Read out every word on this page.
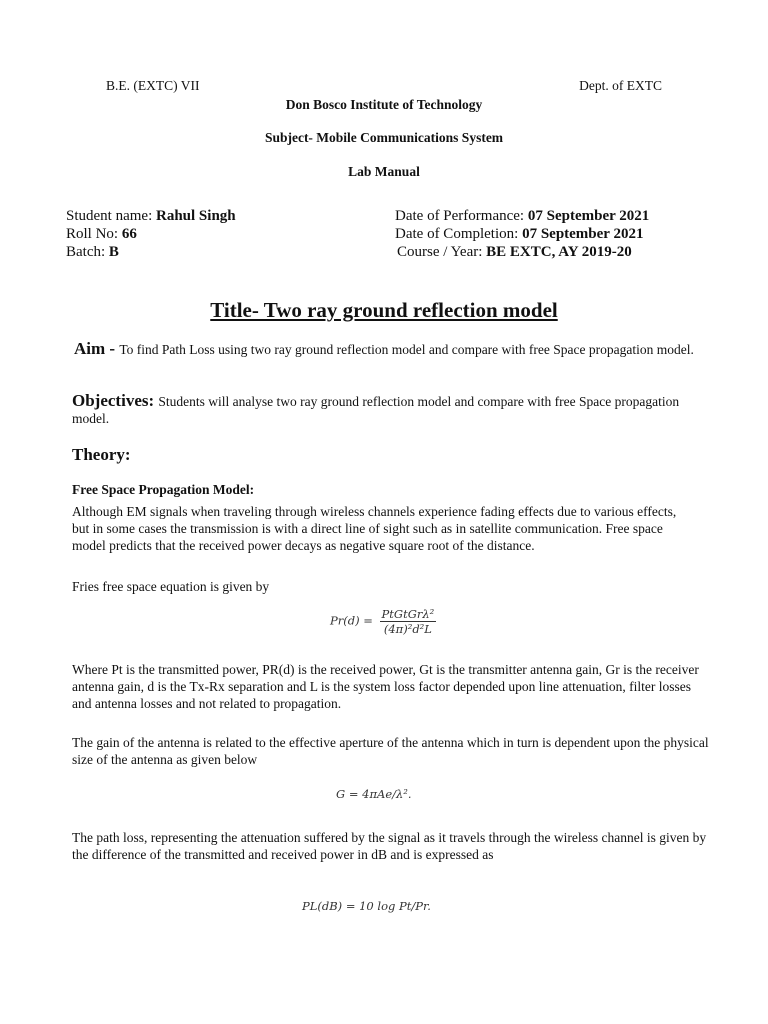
B.E. (EXTC) VII	Dept. of EXTC
Don Bosco Institute of Technology
Subject- Mobile Communications System
Lab Manual
Student name: Rahul Singh
Roll No: 66
Batch: B
Date of Performance: 07 September 2021
Date of Completion: 07 September 2021
Course / Year: BE EXTC, AY 2019-20
Title- Two ray ground reflection model
Aim - To find Path Loss using two ray ground reflection model and compare with free Space propagation model.
Objectives: Students will analyse two ray ground reflection model and compare with free Space propagation model.
Theory:
Free Space Propagation Model:
Although EM signals when traveling through wireless channels experience fading effects due to various effects, but in some cases the transmission is with a direct line of sight such as in satellite communication. Free space model predicts that the received power decays as negative square root of the distance.
Fries free space equation is given by
$Pr(d) = \frac{\text{PtGtGrλ²}}{\text{(4π)²d²L}}$
Where Pt is the transmitted power, PR(d) is the received power, Gt is the transmitter antenna gain, Gr is the receiver antenna gain, d is the Tx-Rx separation and L is the system loss factor depended upon line attenuation, filter losses and antenna losses and not related to propagation.
The gain of the antenna is related to the effective aperture of the antenna which in turn is dependent upon the physical size of the antenna as given below
G = 4πAe/λ².
The path loss, representing the attenuation suffered by the signal as it travels through the wireless channel is given by the difference of the transmitted and received power in dB and is expressed as
PL(dB) = 10 log Pt/Pr.
